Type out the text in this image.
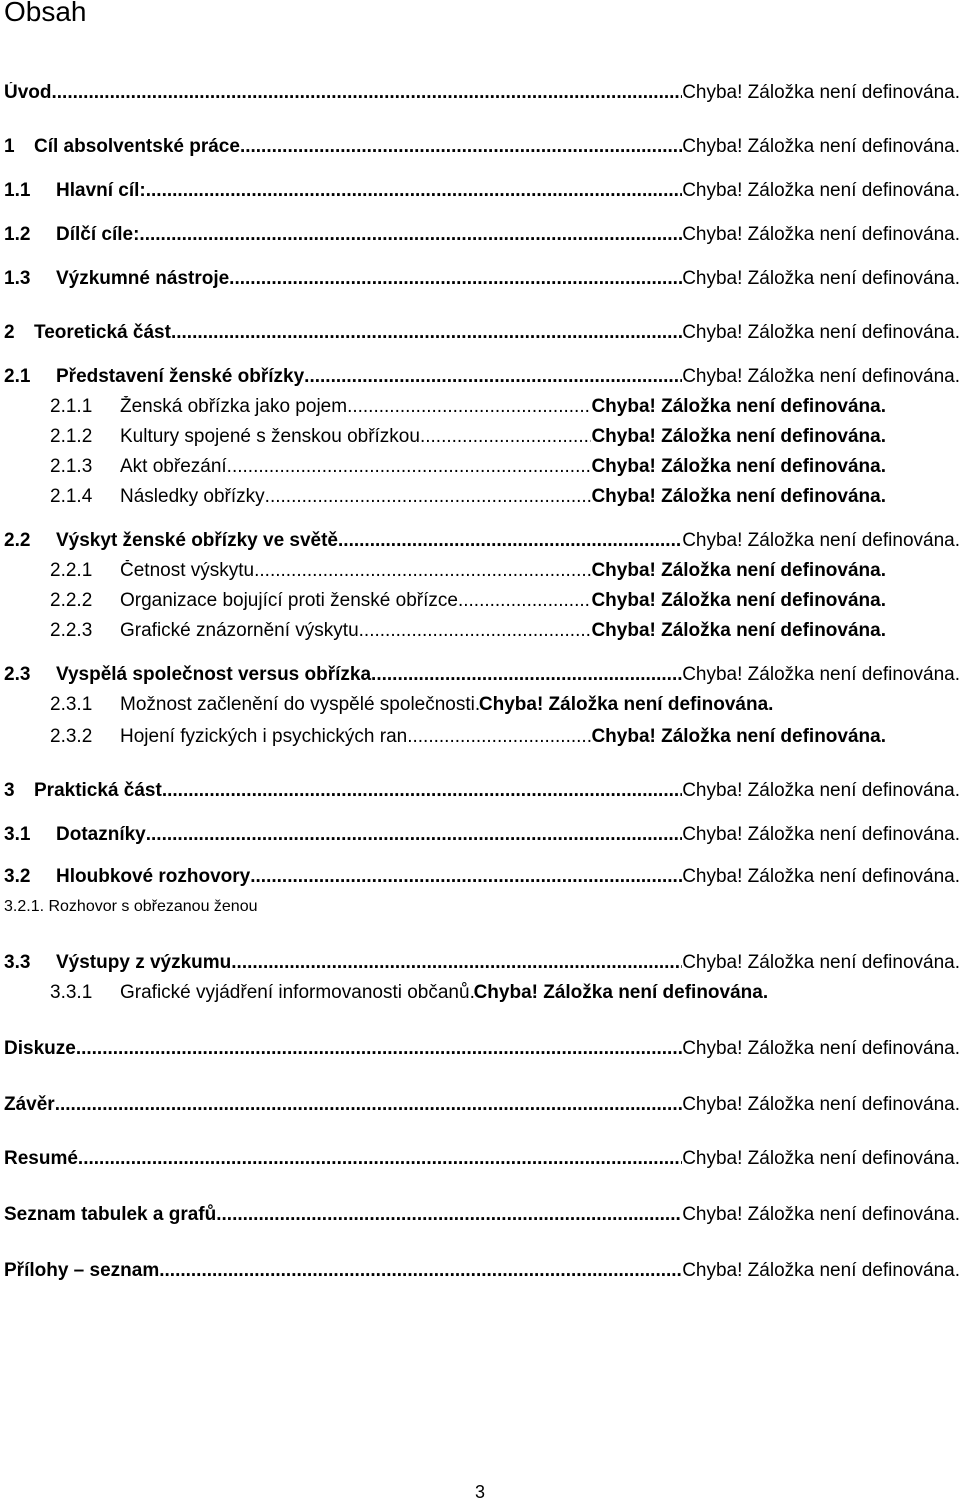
Obsah
Úvod .....	Chyba! Záložka není definována.
1	Cíl absolventské práce .....	Chyba! Záložka není definována.
1.1	Hlavní cíl: .....	Chyba! Záložka není definována.
1.2	Dílčí cíle: .....	Chyba! Záložka není definována.
1.3	Výzkumné nástroje .....	Chyba! Záložka není definována.
2	Teoretická část .....	Chyba! Záložka není definována.
2.1	Představení ženské obřízky .....	Chyba! Záložka není definována.
2.1.1	Ženská obřízka jako pojem .....	Chyba! Záložka není definována.
2.1.2	Kultury spojené s ženskou obřízkou .....	Chyba! Záložka není definována.
2.1.3	Akt obřezání .....	Chyba! Záložka není definována.
2.1.4	Následky obřízky .....	Chyba! Záložka není definována.
2.2	Výskyt ženské obřízky ve světě .....	Chyba! Záložka není definována.
2.2.1	Četnost výskytu .....	Chyba! Záložka není definována.
2.2.2	Organizace bojující proti ženské obřízce .....	Chyba! Záložka není definována.
2.2.3	Grafické znázornění výskytu .....	Chyba! Záložka není definována.
2.3	Vyspělá společnost versus obřízka .....	Chyba! Záložka není definována.
2.3.1	Možnost začlenění do vyspělé společnosti ..... Chyba! Záložka není definována.
2.3.2	Hojení fyzických i psychických ran .....	Chyba! Záložka není definována.
3	Praktická část .....	Chyba! Záložka není definována.
3.1	Dotazníky .....	Chyba! Záložka není definována.
3.2	Hloubkové rozhovory .....	Chyba! Záložka není definována.
3.2.1. Rozhovor s obřezanou ženou
3.3	Výstupy z výzkumu .....	Chyba! Záložka není definována.
3.3.1	Grafické vyjádření informovanosti občanů ..... Chyba! Záložka není definována.
Diskuze .....	Chyba! Záložka není definována.
Závěr .....	Chyba! Záložka není definována.
Resumé .....	Chyba! Záložka není definována.
Seznam tabulek a grafů .....	Chyba! Záložka není definována.
Přílohy – seznam .....	Chyba! Záložka není definována.
3
